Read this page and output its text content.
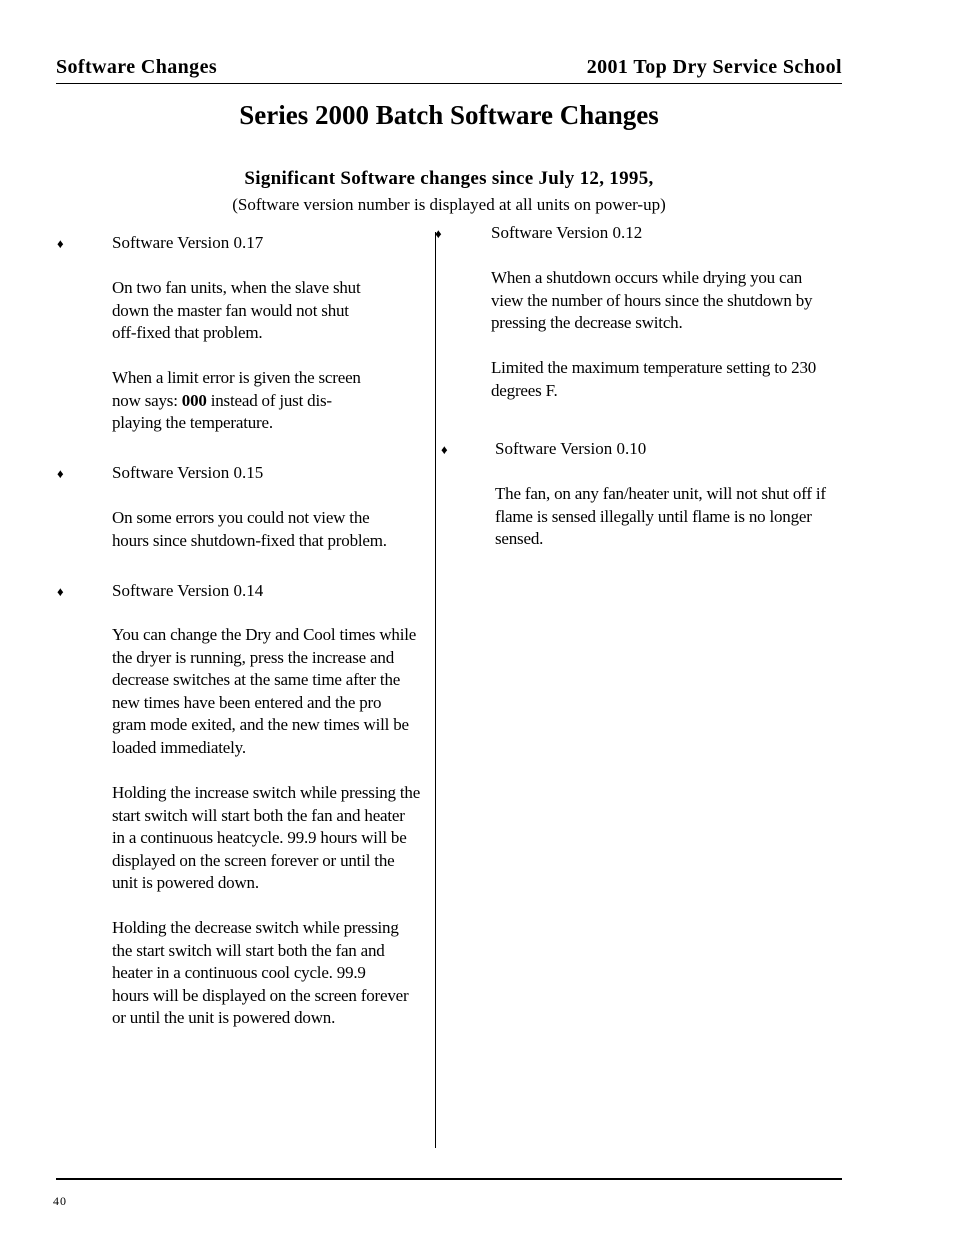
Software Changes	2001 Top Dry Service School
Series 2000 Batch Software Changes
Significant Software changes since July 12, 1995,
(Software version number is displayed at all units on power-up)
♦	Software Version 0.17

On two fan units, when the slave shut
down the master fan would not shut
off-fixed that problem.

When a limit error is given the screen
now says: 000 instead of just dis-
playing the temperature.

♦	Software Version 0.15

On some errors you could not view the
hours since shutdown-fixed that problem.

♦	Software Version 0.14

You can change the Dry and Cool times while
the dryer is running, press the increase and
decrease switches at the same time after the
new times have been entered and the pro
gram mode exited, and the new times will be
loaded immediately.

Holding the increase switch while pressing the
start switch will start both the fan and heater
in a continuous heatcycle. 99.9 hours will be
displayed on the screen forever or until the
unit is powered down.

Holding the decrease switch while pressing
the start switch will start both the fan and
heater in a continuous cool cycle. 99.9
hours will be displayed on the screen forever
or until the unit is powered down.

♦	Software Version 0.12

When a shutdown occurs while drying you can
view the number of hours since the shutdown by
pressing the decrease switch.

Limited the maximum temperature setting to 230
degrees F.

♦	Software Version 0.10

The fan, on any fan/heater unit, will not shut off if
flame is sensed illegally until flame is no longer
sensed.

40
